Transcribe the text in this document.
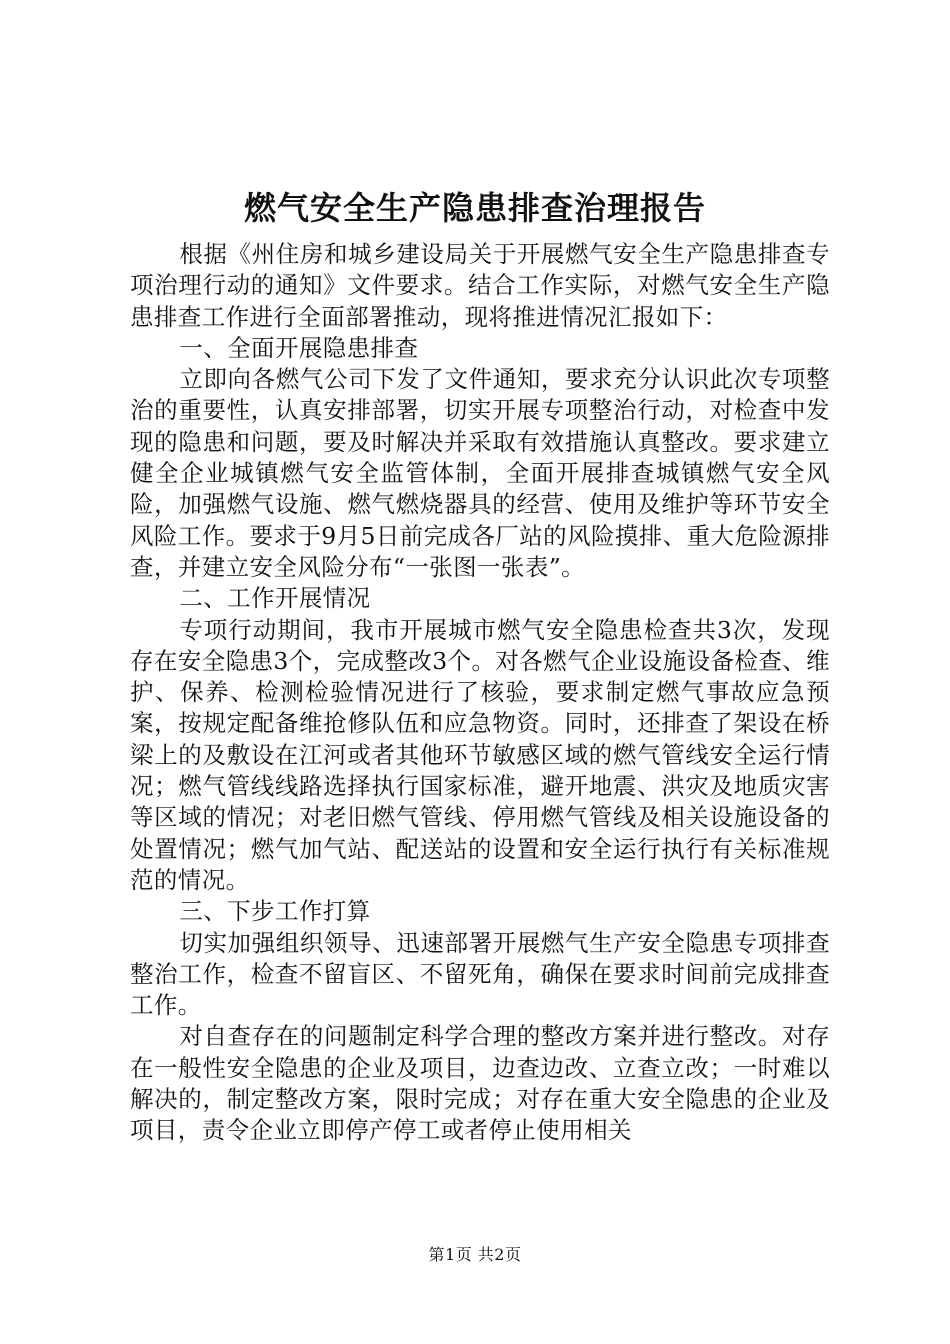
燃气安全生产隐患排查治理报告

根据《州住房和城乡建设局关于开展燃气安全生产隐患排查专项治理行动的通知》文件要求。结合工作实际，对燃气安全生产隐患排查工作进行全面部署推动，现将推进情况汇报如下：

一、全面开展隐患排查

立即向各燃气公司下发了文件通知，要求充分认识此次专项整治的重要性，认真安排部署，切实开展专项整治行动，对检查中发现的隐患和问题，要及时解决并采取有效措施认真整改。要求建立健全企业城镇燃气安全监管体制，全面开展排查城镇燃气安全风险，加强燃气设施、燃气燃烧器具的经营、使用及维护等环节安全风险工作。要求于9月5日前完成各厂站的风险摸排、重大危险源排查，并建立安全风险分布“一张图一张表”。

二、工作开展情况

专项行动期间，我市开展城市燃气安全隐患检查共3次，发现存在安全隐患3个，完成整改3个。对各燃气企业设施设备检查、维护、保养、检测检验情况进行了核验，要求制定燃气事故应急预案，按规定配备维抢修队伍和应急物资。同时，还排查了架设在桥梁上的及敷设在江河或者其他环节敏感区域的燃气管线安全运行情况；燃气管线线路选择执行国家标准，避开地震、洪灾及地质灾害等区域的情况；对老旧燃气管线、停用燃气管线及相关设施设备的处置情况；燃气加气站、配送站的设置和安全运行执行有关标准规范的情况。

三、下步工作打算

切实加强组织领导、迅速部署开展燃气生产安全隐患专项排查整治工作，检查不留盲区、不留死角，确保在要求时间前完成排查工作。

对自查存在的问题制定科学合理的整改方案并进行整改。对存在一般性安全隐患的企业及项目，边查边改、立查立改；一时难以解决的，制定整改方案，限时完成；对存在重大安全隐患的企业及项目，责令企业立即停产停工或者停止使用相关

第1页 共2页
